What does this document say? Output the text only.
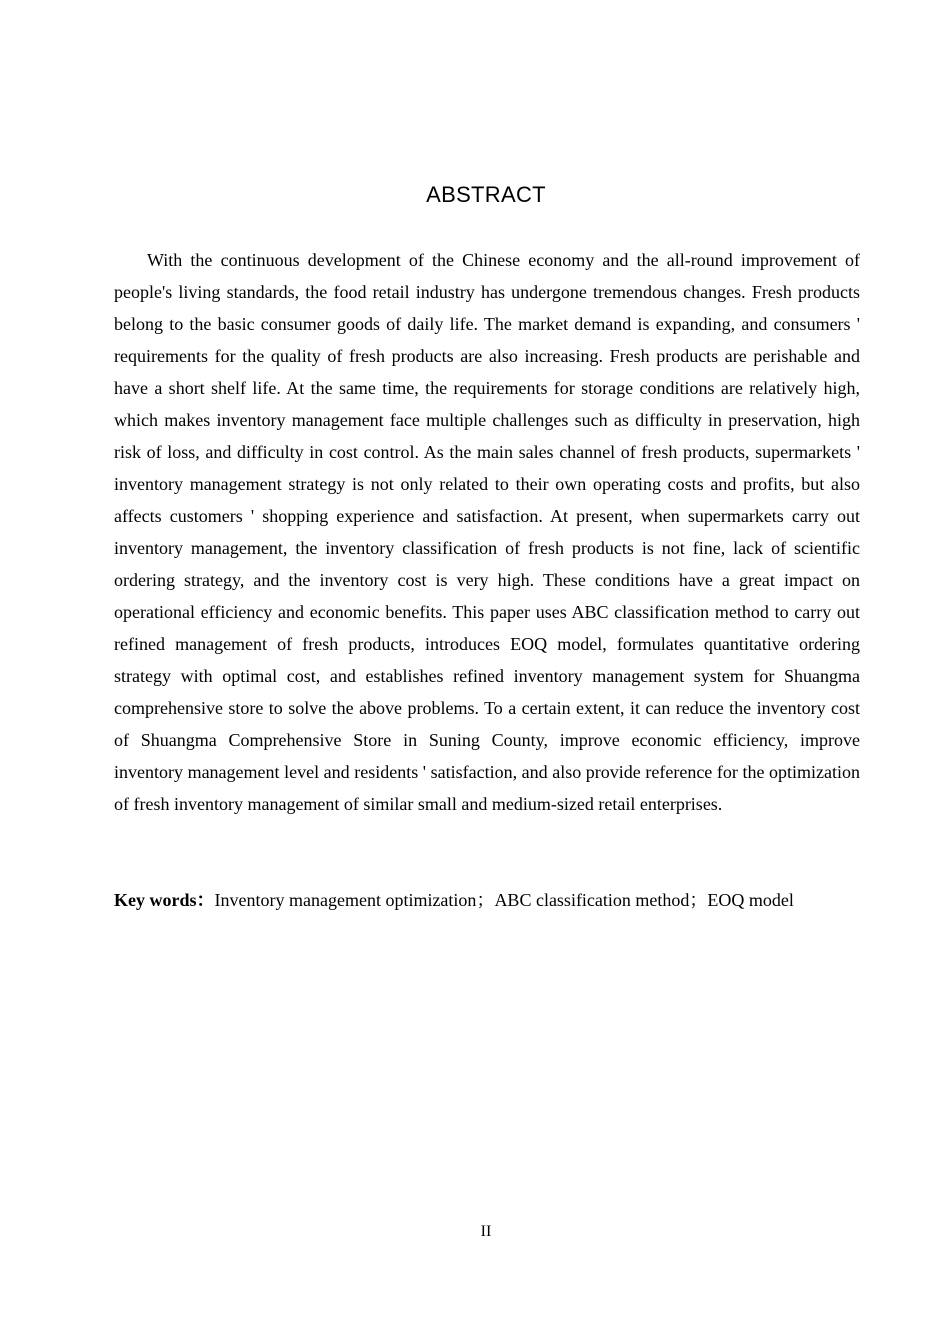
ABSTRACT

With the continuous development of the Chinese economy and the all-round improvement of people's living standards, the food retail industry has undergone tremendous changes. Fresh products belong to the basic consumer goods of daily life. The market demand is expanding, and consumers ' requirements for the quality of fresh products are also increasing. Fresh products are perishable and have a short shelf life. At the same time, the requirements for storage conditions are relatively high, which makes inventory management face multiple challenges such as difficulty in preservation, high risk of loss, and difficulty in cost control. As the main sales channel of fresh products, supermarkets ' inventory management strategy is not only related to their own operating costs and profits, but also affects customers ' shopping experience and satisfaction. At present, when supermarkets carry out inventory management, the inventory classification of fresh products is not fine, lack of scientific ordering strategy, and the inventory cost is very high. These conditions have a great impact on operational efficiency and economic benefits. This paper uses ABC classification method to carry out refined management of fresh products, introduces EOQ model, formulates quantitative ordering strategy with optimal cost, and establishes refined inventory management system for Shuangma comprehensive store to solve the above problems. To a certain extent, it can reduce the inventory cost of Shuangma Comprehensive Store in Suning County, improve economic efficiency, improve inventory management level and residents ' satisfaction, and also provide reference for the optimization of fresh inventory management of similar small and medium-sized retail enterprises.

Key words：Inventory management optimization；ABC classification method；EOQ model

II
